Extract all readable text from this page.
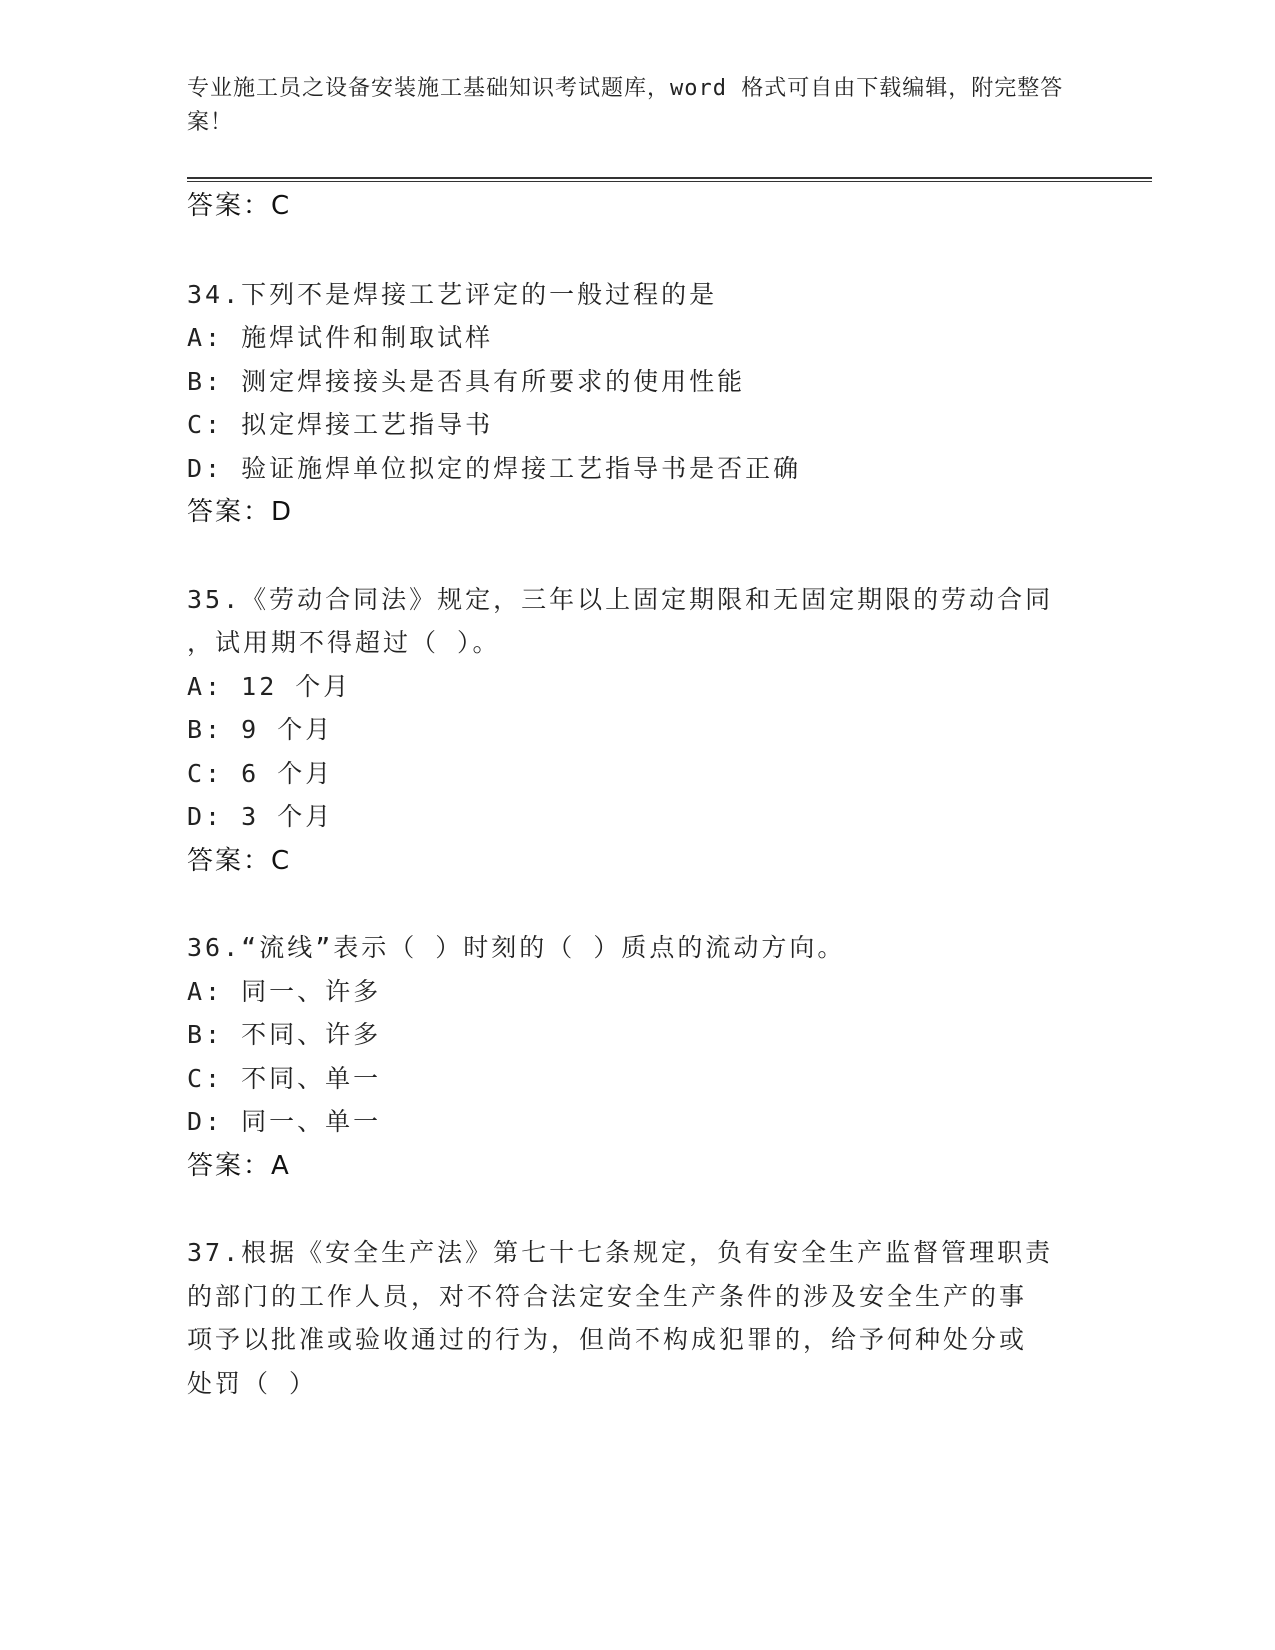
专业施工员之设备安装施工基础知识考试题库，word 格式可自由下载编辑，附完整答案！
答案：C
34.下列不是焊接工艺评定的一般过程的是
A: 施焊试件和制取试样
B: 测定焊接接头是否具有所要求的使用性能
C: 拟定焊接工艺指导书
D: 验证施焊单位拟定的焊接工艺指导书是否正确
答案：D
35.《劳动合同法》规定，三年以上固定期限和无固定期限的劳动合同
，试用期不得超过（ ）。
A: 12 个月
B: 9 个月
C: 6 个月
D: 3 个月
答案：C
36.“流线”表示（ ）时刻的（ ）质点的流动方向。
A: 同一、许多
B: 不同、许多
C: 不同、单一
D: 同一、单一
答案：A
37.根据《安全生产法》第七十七条规定，负有安全生产监督管理职责
的部门的工作人员，对不符合法定安全生产条件的涉及安全生产的事
项予以批准或验收通过的行为，但尚不构成犯罪的，给予何种处分或
处罚（ ）
